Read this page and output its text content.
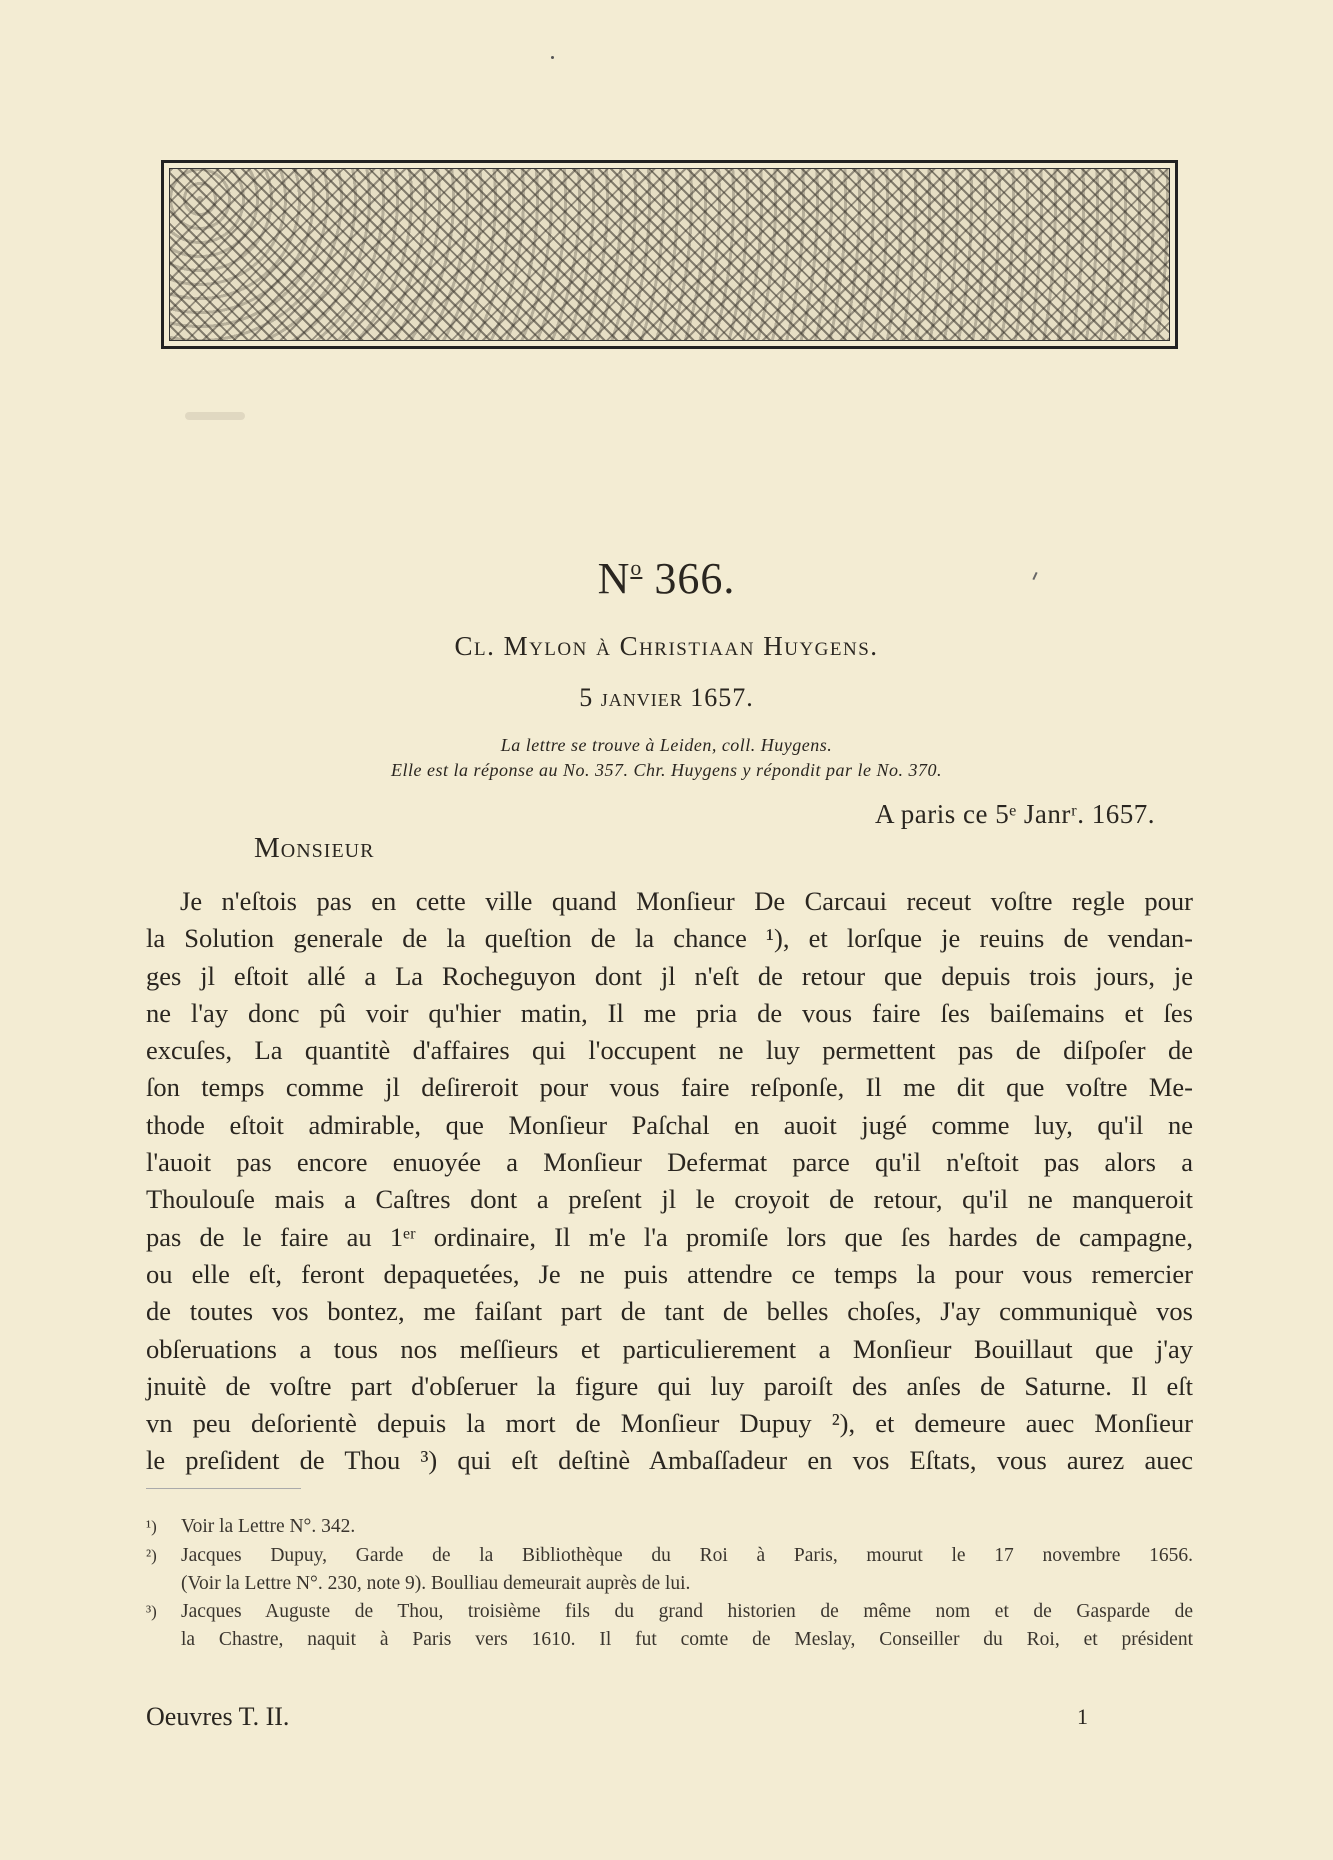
$N^o$ 366.
Cl. Mylon à Christiaan Huygens.
5 janvier 1657.
La lettre se trouve à Leiden, coll. Huygens.
Elle est la réponse au No. 357. Chr. Huygens y répondit par le No. 370.
A paris ce 5ᵉ Janrʳ. 1657.
Monsieur
Je n'eſtois pas en cette ville quand Monſieur De Carcaui receut voſtre regle pour
la Solution generale de la queſtion de la chance ¹), et lorſque je reuins de vendan-
ges jl eſtoit allé a La Rocheguyon dont jl n'eſt de retour que depuis trois jours, je
ne l'ay donc pû voir qu'hier matin, Il me pria de vous faire ſes baiſemains et ſes
excuſes, La quantitè d'affaires qui l'occupent ne luy permettent pas de diſpoſer de
ſon temps comme jl deſireroit pour vous faire reſponſe, Il me dit que voſtre Me-
thode eſtoit admirable, que Monſieur Paſchal en auoit jugé comme luy, qu'il ne
l'auoit pas encore enuoyée a Monſieur Defermat parce qu'il n'eſtoit pas alors a
Thoulouſe mais a Caſtres dont a preſent jl le croyoit de retour, qu'il ne manqueroit
pas de le faire au 1ᵉʳ ordinaire, Il m'e l'a promiſe lors que ſes hardes de campagne,
ou elle eſt, feront depaquetées, Je ne puis attendre ce temps la pour vous remercier
de toutes vos bontez, me faiſant part de tant de belles choſes, J'ay communiquè vos
obſeruations a tous nos meſſieurs et particulierement a Monſieur Bouillaut que j'ay
jnuitè de voſtre part d'obſeruer la figure qui luy paroiſt des anſes de Saturne. Il eſt
vn peu deſorientè depuis la mort de Monſieur Dupuy ²), et demeure auec Monſieur
le preſident de Thou ³) qui eſt deſtinè Ambaſſadeur en vos Eſtats, vous aurez auec
¹) Voir la Lettre N°. 342.
²) Jacques Dupuy, Garde de la Bibliothèque du Roi à Paris, mourut le 17 novembre 1656.
(Voir la Lettre N°. 230, note 9). Boulliau demeurait auprès de lui.
³) Jacques Auguste de Thou, troisième fils du grand historien de même nom et de Gasparde de
la Chastre, naquit à Paris vers 1610. Il fut comte de Meslay, Conseiller du Roi, et président
Oeuvres T. II.	1
